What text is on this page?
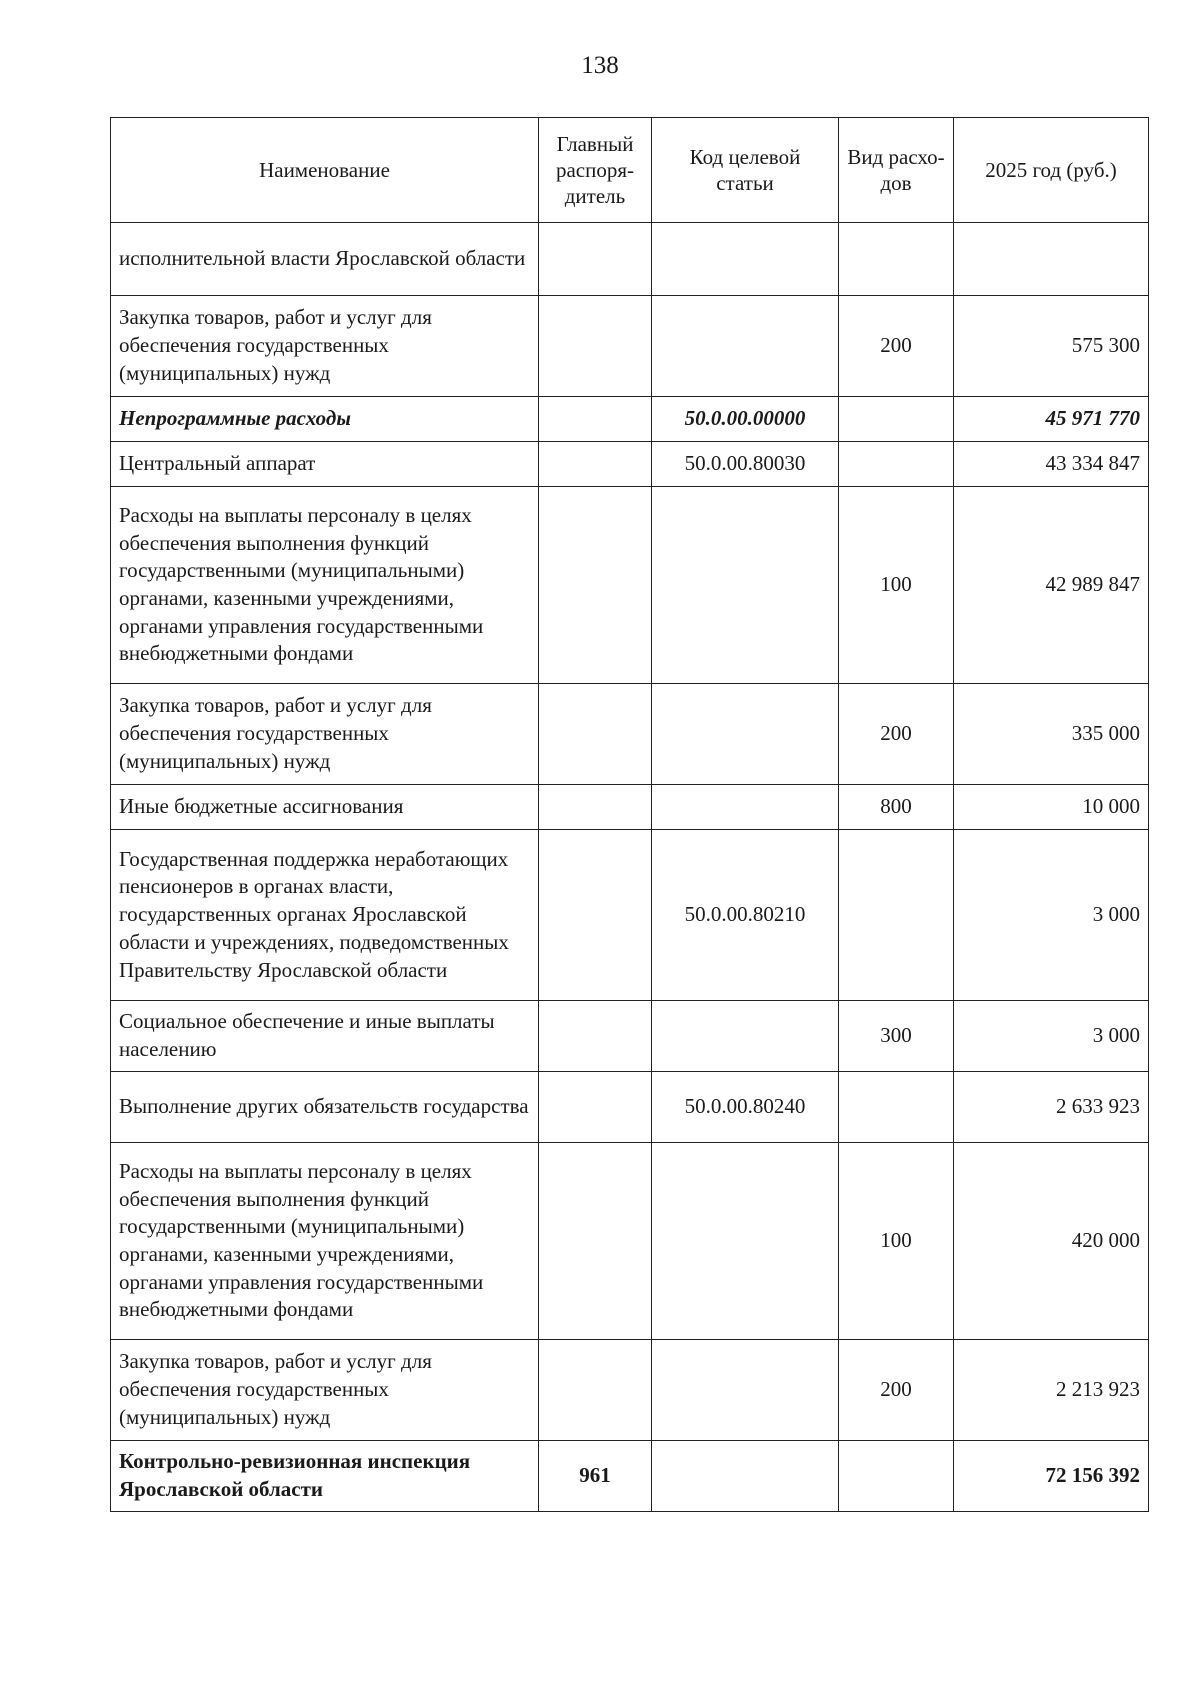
138
Наименование	Главный распоря-дитель	Код целевой статьи	Вид расхо-дов	2025 год (руб.)
исполнительной власти Ярославской области				
Закупка товаров, работ и услуг для обеспечения государственных (муниципальных) нужд			200	575 300
Непрограммные расходы		50.0.00.00000		45 971 770
Центральный аппарат		50.0.00.80030		43 334 847
Расходы на выплаты персоналу в целях обеспечения выполнения функций государственными (муниципальными) органами, казенными учреждениями, органами управления государственными внебюджетными фондами			100	42 989 847
Закупка товаров, работ и услуг для обеспечения государственных (муниципальных) нужд			200	335 000
Иные бюджетные ассигнования			800	10 000
Государственная поддержка неработающих пенсионеров в органах власти, государственных органах Ярославской области и учреждениях, подведомственных Правительству Ярославской области		50.0.00.80210		3 000
Социальное обеспечение и иные выплаты населению			300	3 000
Выполнение других обязательств государства		50.0.00.80240		2 633 923
Расходы на выплаты персоналу в целях обеспечения выполнения функций государственными (муниципальными) органами, казенными учреждениями, органами управления государственными внебюджетными фондами			100	420 000
Закупка товаров, работ и услуг для обеспечения государственных (муниципальных) нужд			200	2 213 923
Контрольно-ревизионная инспекция Ярославской области	961			72 156 392
